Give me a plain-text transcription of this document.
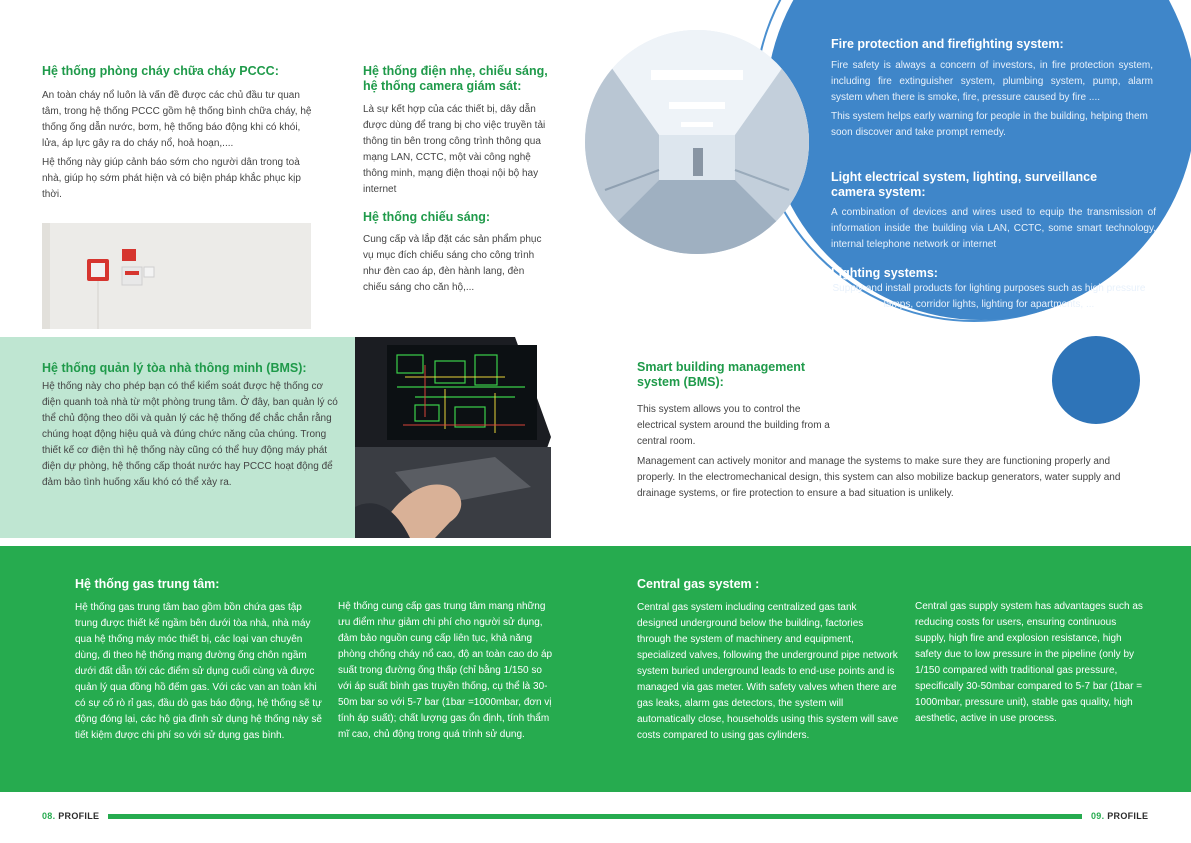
Hệ thống phòng cháy chữa cháy PCCC:

An toàn cháy nổ luôn là vấn đề được các chủ đầu tư quan tâm, trong hệ thống PCCC gồm hệ thống bình chữa cháy, hệ thống ống dẫn nước, bơm, hệ thống báo động khi có khói, lửa, áp lực gây ra do cháy nổ, hoả hoạn,....

Hệ thống này giúp cảnh báo sớm cho người dân trong toà nhà, giúp họ sớm phát hiện và có biện pháp khắc phục kịp thời.

Hệ thống điện nhẹ, chiếu sáng, hệ thống camera giám sát:

Là sự kết hợp của các thiết bị, dây dẫn được dùng để trang bị cho việc truyền tải thông tin bên trong công trình thông qua mạng LAN, CCTC, một vài công nghệ thông minh, mạng điện thoại nội bộ hay internet

Hệ thống chiếu sáng:

Cung cấp và lắp đặt các sản phẩm phục vụ mục đích chiếu sáng cho công trình như đèn cao áp, đèn hành lang, đèn chiếu sáng cho căn hộ,...

Fire protection and firefighting system:

Fire safety is always a concern of investors, in fire protection system, including fire extinguisher system, plumbing system, pump, alarm system when there is smoke, fire, pressure caused by fire ....

This system helps early warning for people in the building, helping them soon discover and take prompt remedy.

Light electrical system, lighting, surveillance camera system:

A combination of devices and wires used to equip the transmission of information inside the building via LAN, CCTC, some smart technology, internal telephone network or internet

Lighting systems:

Supply and install products for lighting purposes such as high pressure lamps, corridor lights, lighting for apartments, ...

Hệ thống quản lý tòa nhà thông minh (BMS):

Hệ thống này cho phép bạn có thể kiểm soát được hệ thống cơ điện quanh toà nhà từ một phòng trung tâm. Ở đây, ban quản lý có thể chủ động theo dõi và quản lý các hệ thống để chắc chắn rằng chúng hoạt động hiệu quả và đúng chức năng của chúng. Trong thiết kế cơ điện thì hệ thống này cũng có thể huy động máy phát điện dự phòng, hệ thống cấp thoát nước hay PCCC hoạt động để đảm bảo tình huống xấu khó có thể xảy ra.

Smart building management system (BMS):

This system allows you to control the electrical system around the building from a central room.

Management can actively monitor and manage the systems to make sure they are functioning properly and properly. In the electromechanical design, this system can also mobilize backup generators, water supply and drainage systems, or fire protection to ensure a bad situation is unlikely.

Hệ thống gas trung tâm:

Hệ thống gas trung tâm bao gồm bồn chứa gas tập trung được thiết kế ngầm bên dưới tòa nhà, nhà máy qua hệ thống máy móc thiết bị, các loại van chuyên dùng, đi theo hệ thống mạng đường ống chôn ngầm dưới đất dẫn tới các điểm sử dụng cuối cùng và được quản lý qua đồng hồ đếm gas. Với các van an toàn khi có sự cố rò rỉ gas, đầu dò gas báo động, hệ thống sẽ tự động đóng lại, các hộ gia đình sử dụng hệ thống này sẽ tiết kiệm được chi phí so với sử dụng gas bình.

Hệ thống cung cấp gas trung tâm mang những ưu điểm như giảm chi phí cho người sử dụng, đảm bảo nguồn cung cấp liên tục, khả năng phòng chống cháy nổ cao, độ an toàn cao do áp suất trong đường ống thấp (chỉ bằng 1/150 so với áp suất bình gas truyền thống, cụ thể là 30-50m bar so với 5-7 bar (1bar =1000mbar, đơn vị tính áp suất); chất lượng gas ổn định, tính thẩm mĩ cao, chủ động trong quá trình sử dụng.

Central gas system :

Central gas system including centralized gas tank designed underground below the building, factories through the system of machinery and equipment, specialized valves, following the underground pipe network system buried underground leads to end-use points and is managed via gas meter. With safety valves when there are gas leaks, alarm gas detectors, the system will automatically close, households using this system will save costs compared to using gas cylinders.

Central gas supply system has advantages such as reducing costs for users, ensuring continuous supply, high fire and explosion resistance, high safety due to low pressure in the pipeline (only by 1/150 compared with traditional gas pressure, specifically 30-50mbar compared to 5-7 bar (1bar = 1000mbar, pressure unit), stable gas quality, high aesthetic, active in use process.

08. PROFILE	09. PROFILE
